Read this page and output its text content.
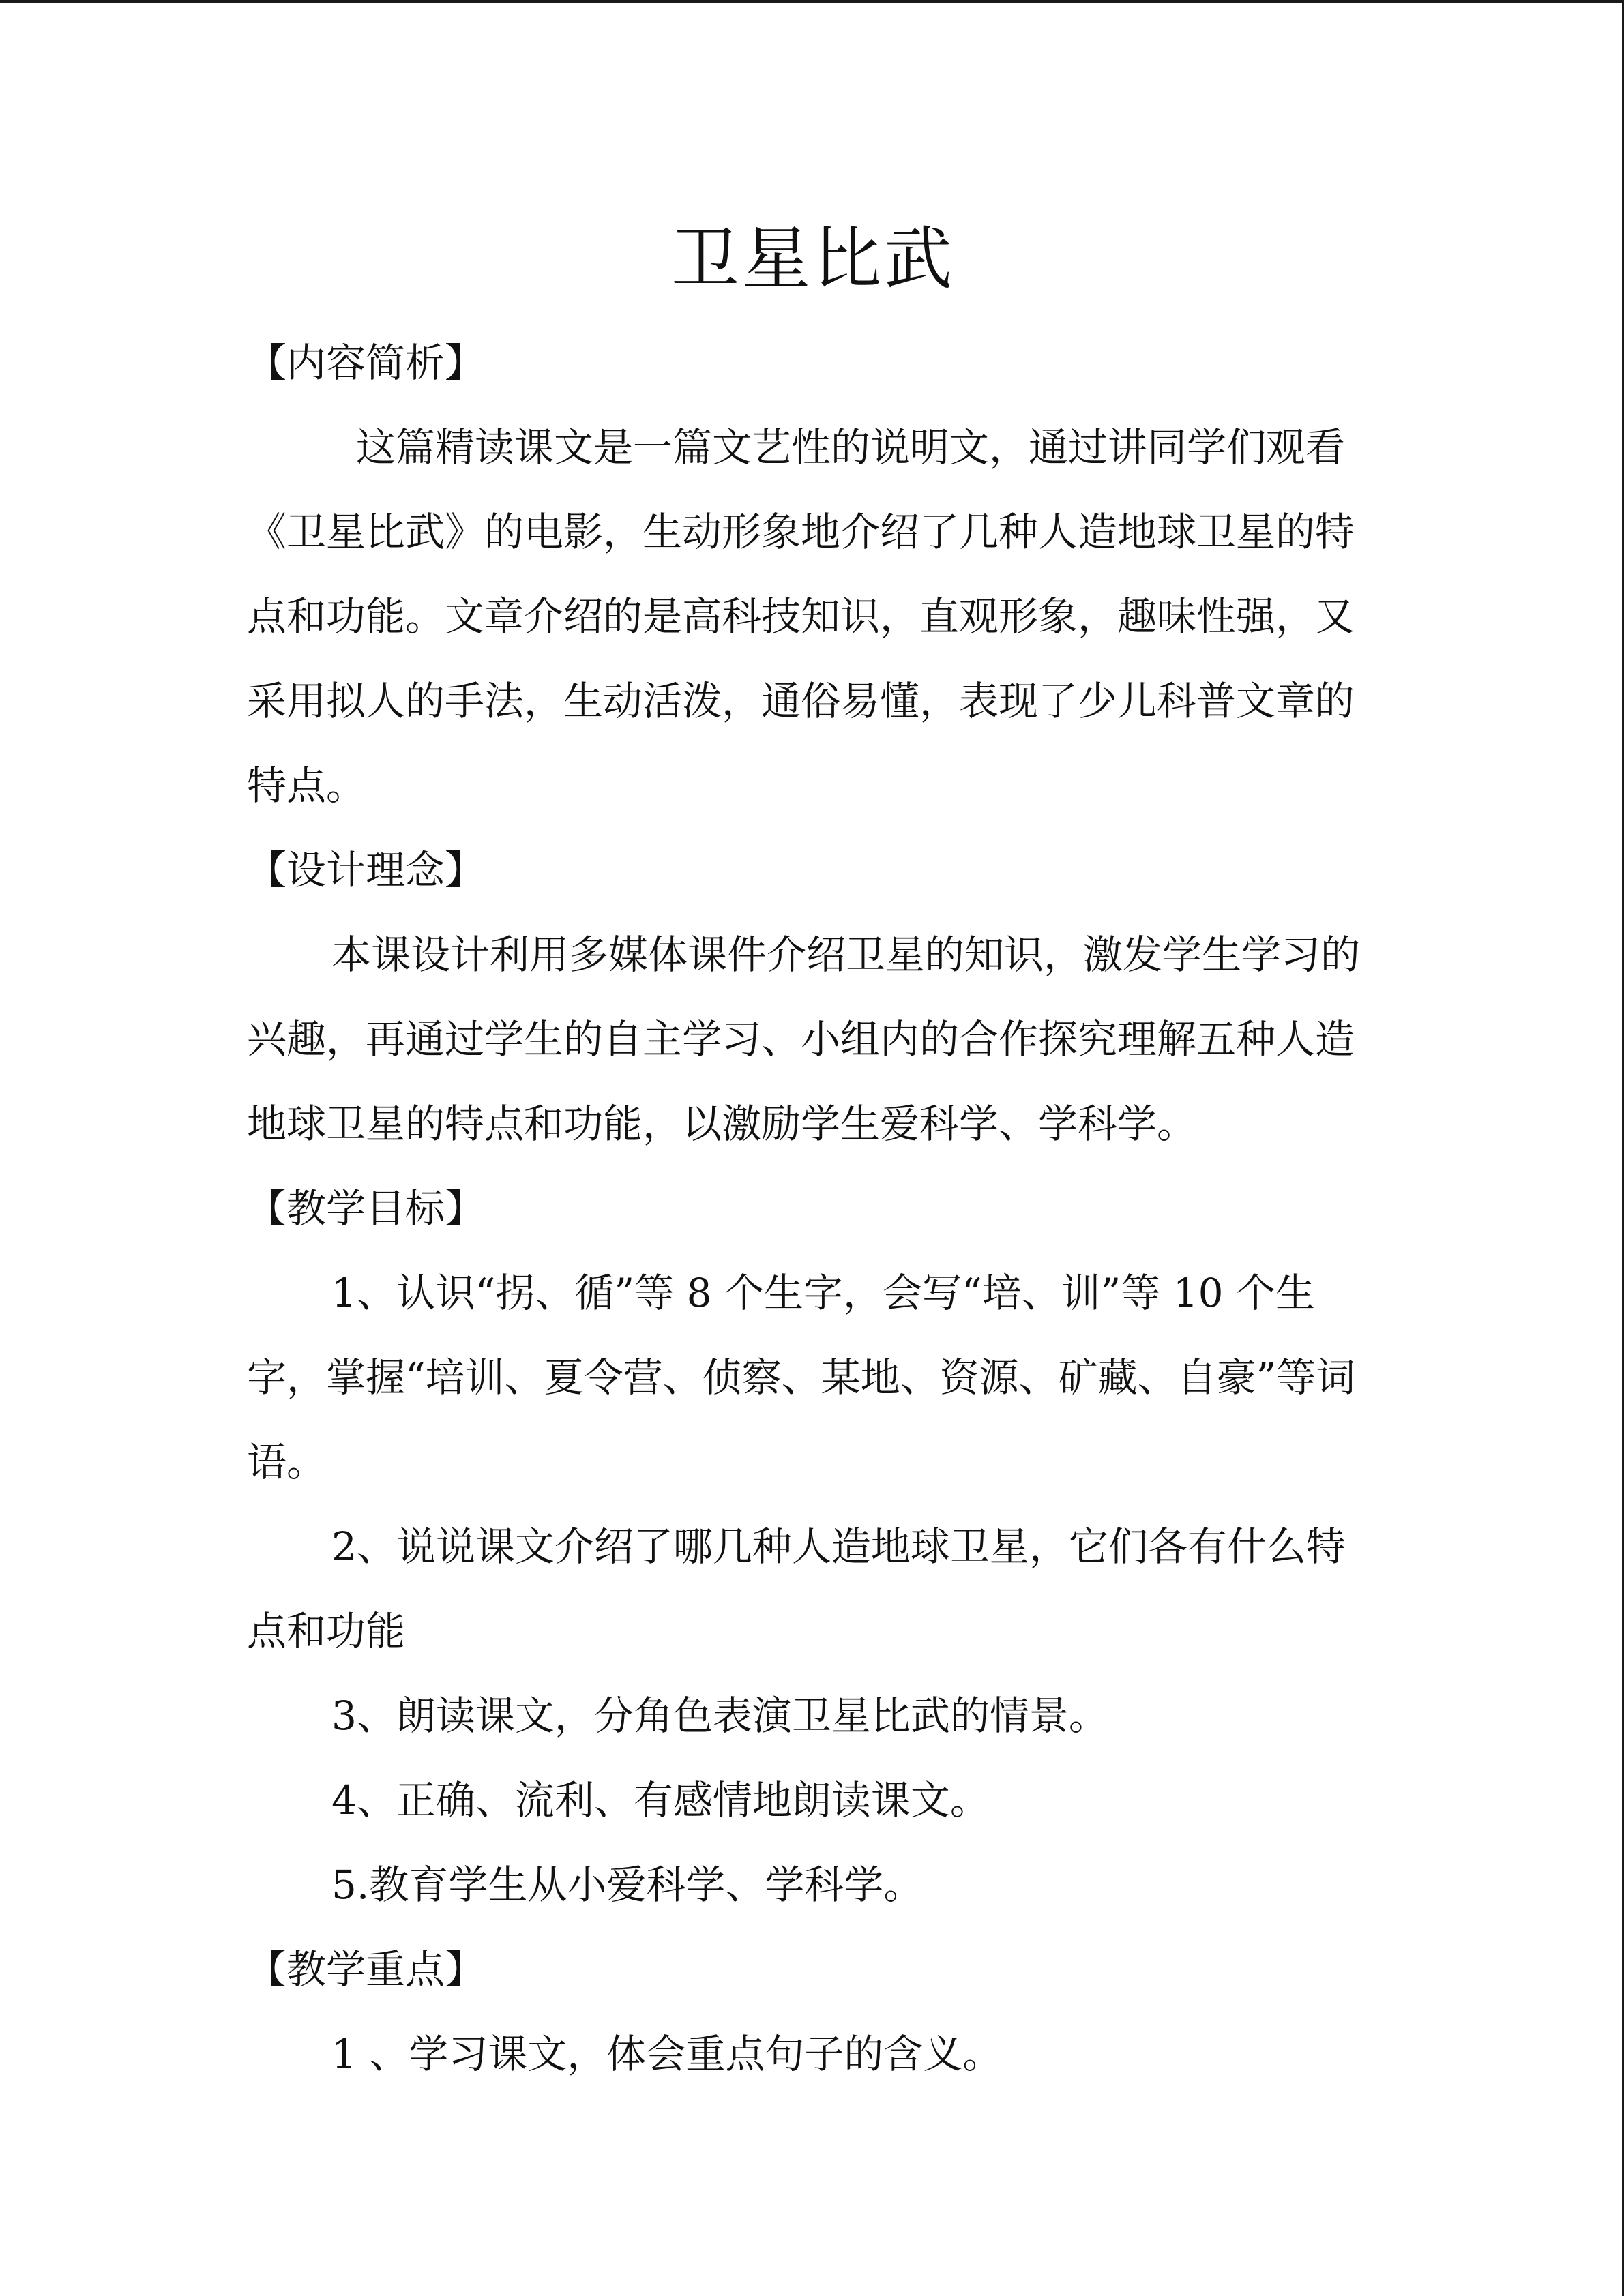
卫星比武

【内容简析】

这篇精读课文是一篇文艺性的说明文，通过讲同学们观看《卫星比武》的电影，生动形象地介绍了几种人造地球卫星的特点和功能。文章介绍的是高科技知识，直观形象，趣味性强，又采用拟人的手法，生动活泼，通俗易懂，表现了少儿科普文章的特点。

【设计理念】

本课设计利用多媒体课件介绍卫星的知识，激发学生学习的兴趣，再通过学生的自主学习、小组内的合作探究理解五种人造地球卫星的特点和功能，以激励学生爱科学、学科学。

【教学目标】

1、认识“拐、循”等 8 个生字，会写“培、训”等 10 个生字，掌握“培训、夏令营、侦察、某地、资源、矿藏、自豪”等词语。

2、说说课文介绍了哪几种人造地球卫星，它们各有什么特点和功能

3、朗读课文，分角色表演卫星比武的情景。

4、正确、流利、有感情地朗读课文。

5.教育学生从小爱科学、学科学。

【教学重点】

1 、学习课文，体会重点句子的含义。
